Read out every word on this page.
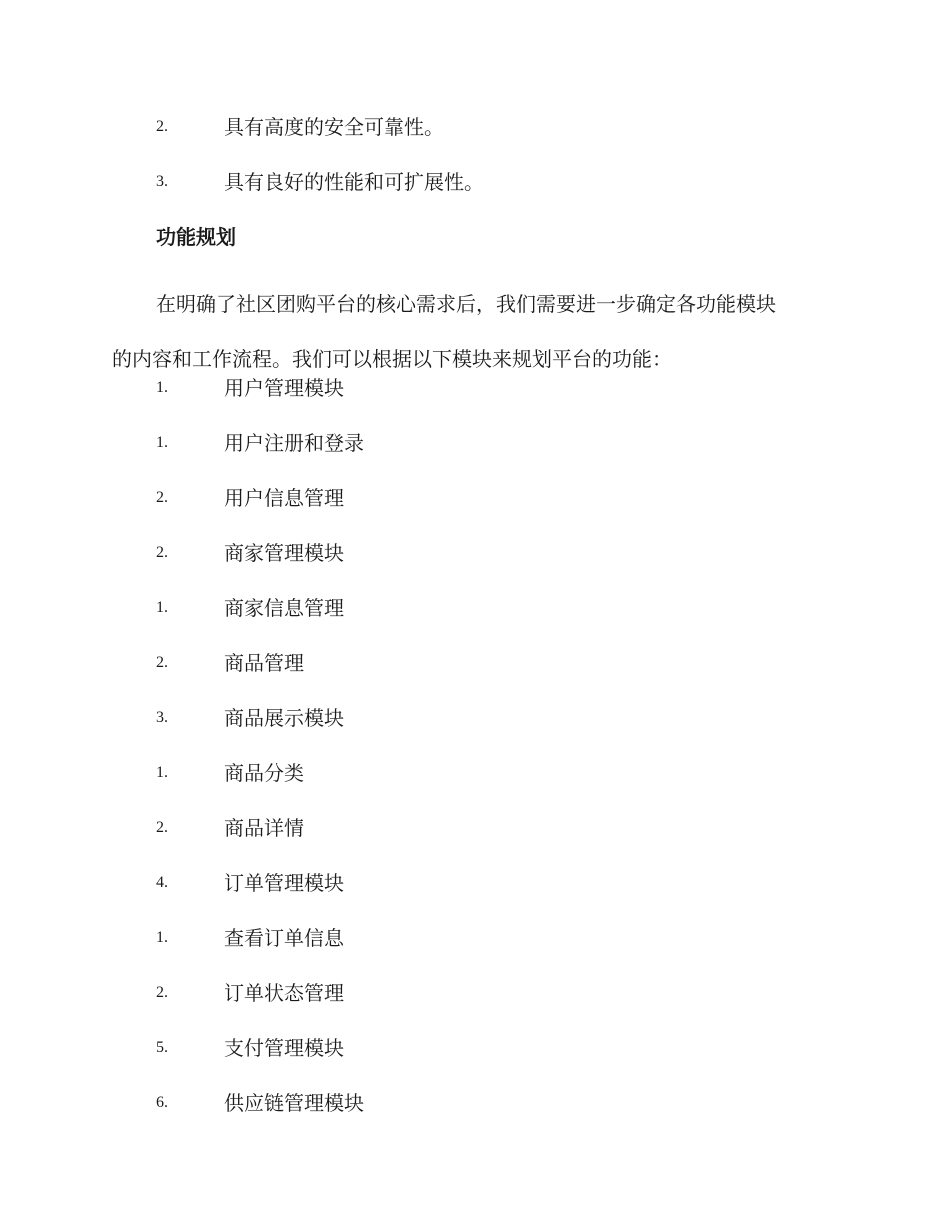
2.	具有高度的安全可靠性。
3.	具有良好的性能和可扩展性。
功能规划
在明确了社区团购平台的核心需求后，我们需要进一步确定各功能模块
的内容和工作流程。我们可以根据以下模块来规划平台的功能：
1.	用户管理模块
1.	用户注册和登录
2.	用户信息管理
2.	商家管理模块
1.	商家信息管理
2.	商品管理
3.	商品展示模块
1.	商品分类
2.	商品详情
4.	订单管理模块
1.	查看订单信息
2.	订单状态管理
5.	支付管理模块
6.	供应链管理模块
